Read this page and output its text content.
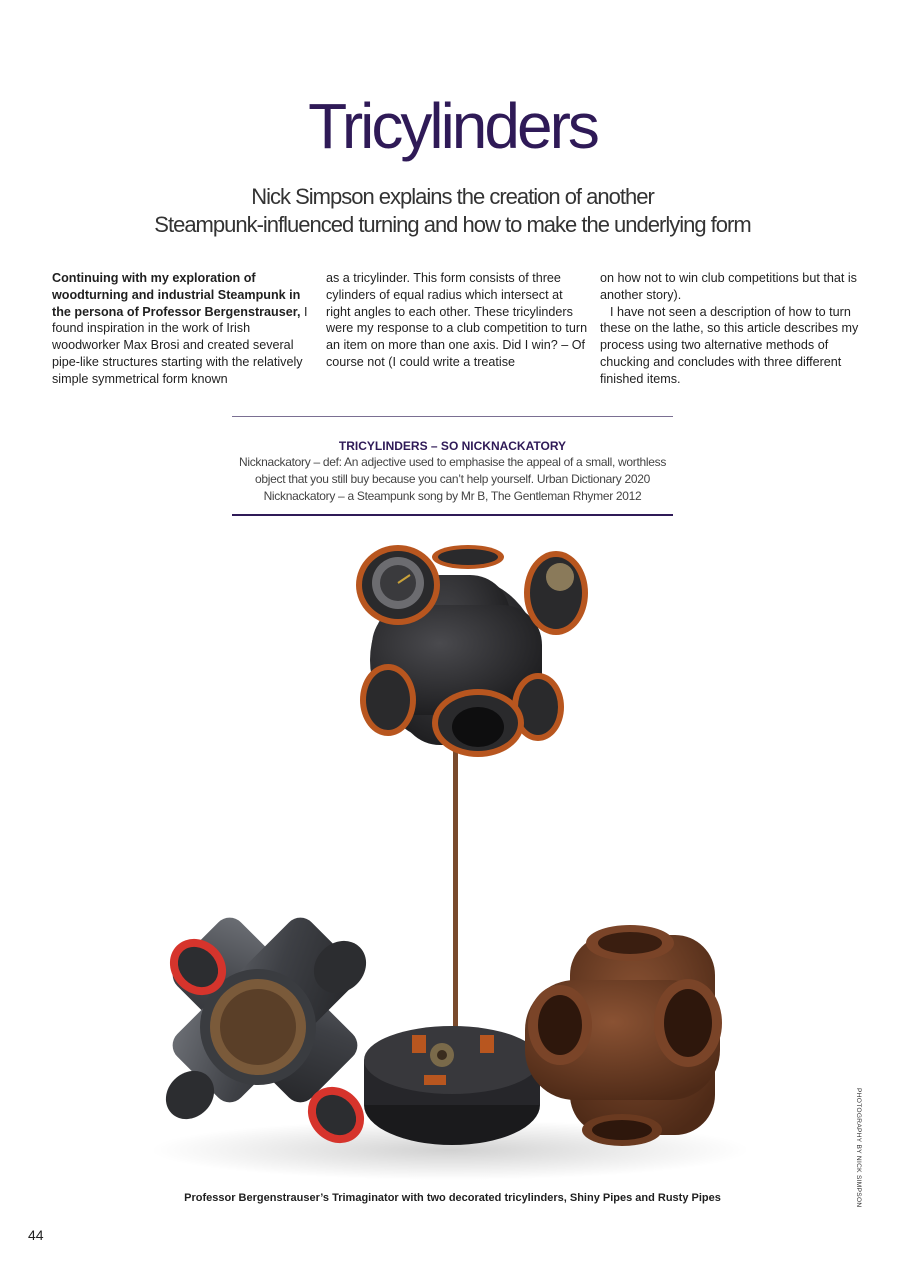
Tricylinders
Nick Simpson explains the creation of another
Steampunk-influenced turning and how to make the underlying form

Continuing with my exploration of woodturning and industrial Steampunk in the persona of Professor Bergenstrauser, I found inspiration in the work of Irish woodworker Max Brosi and created several pipe-like structures starting with the relatively simple symmetrical form known

as a tricylinder. This form consists of three cylinders of equal radius which intersect at right angles to each other. These tricylinders were my response to a club competition to turn an item on more than one axis. Did I win? – Of course not (I could write a treatise

on how not to win club competitions but that is another story).

I have not seen a description of how to turn these on the lathe, so this article describes my process using two alternative methods of chucking and concludes with three different finished items.

TRICYLINDERS – SO NICKNACKATORY
Nicknackatory – def: An adjective used to emphasise the appeal of a small, worthless
object that you still buy because you can’t help yourself. Urban Dictionary 2020
Nicknackatory – a Steampunk song by Mr B, The Gentleman Rhymer 2012
Professor Bergenstrauser’s Trimaginator with two decorated tricylinders, Shiny Pipes and Rusty Pipes	PHOTOGRAPHY BY NICK SIMPSON
44
